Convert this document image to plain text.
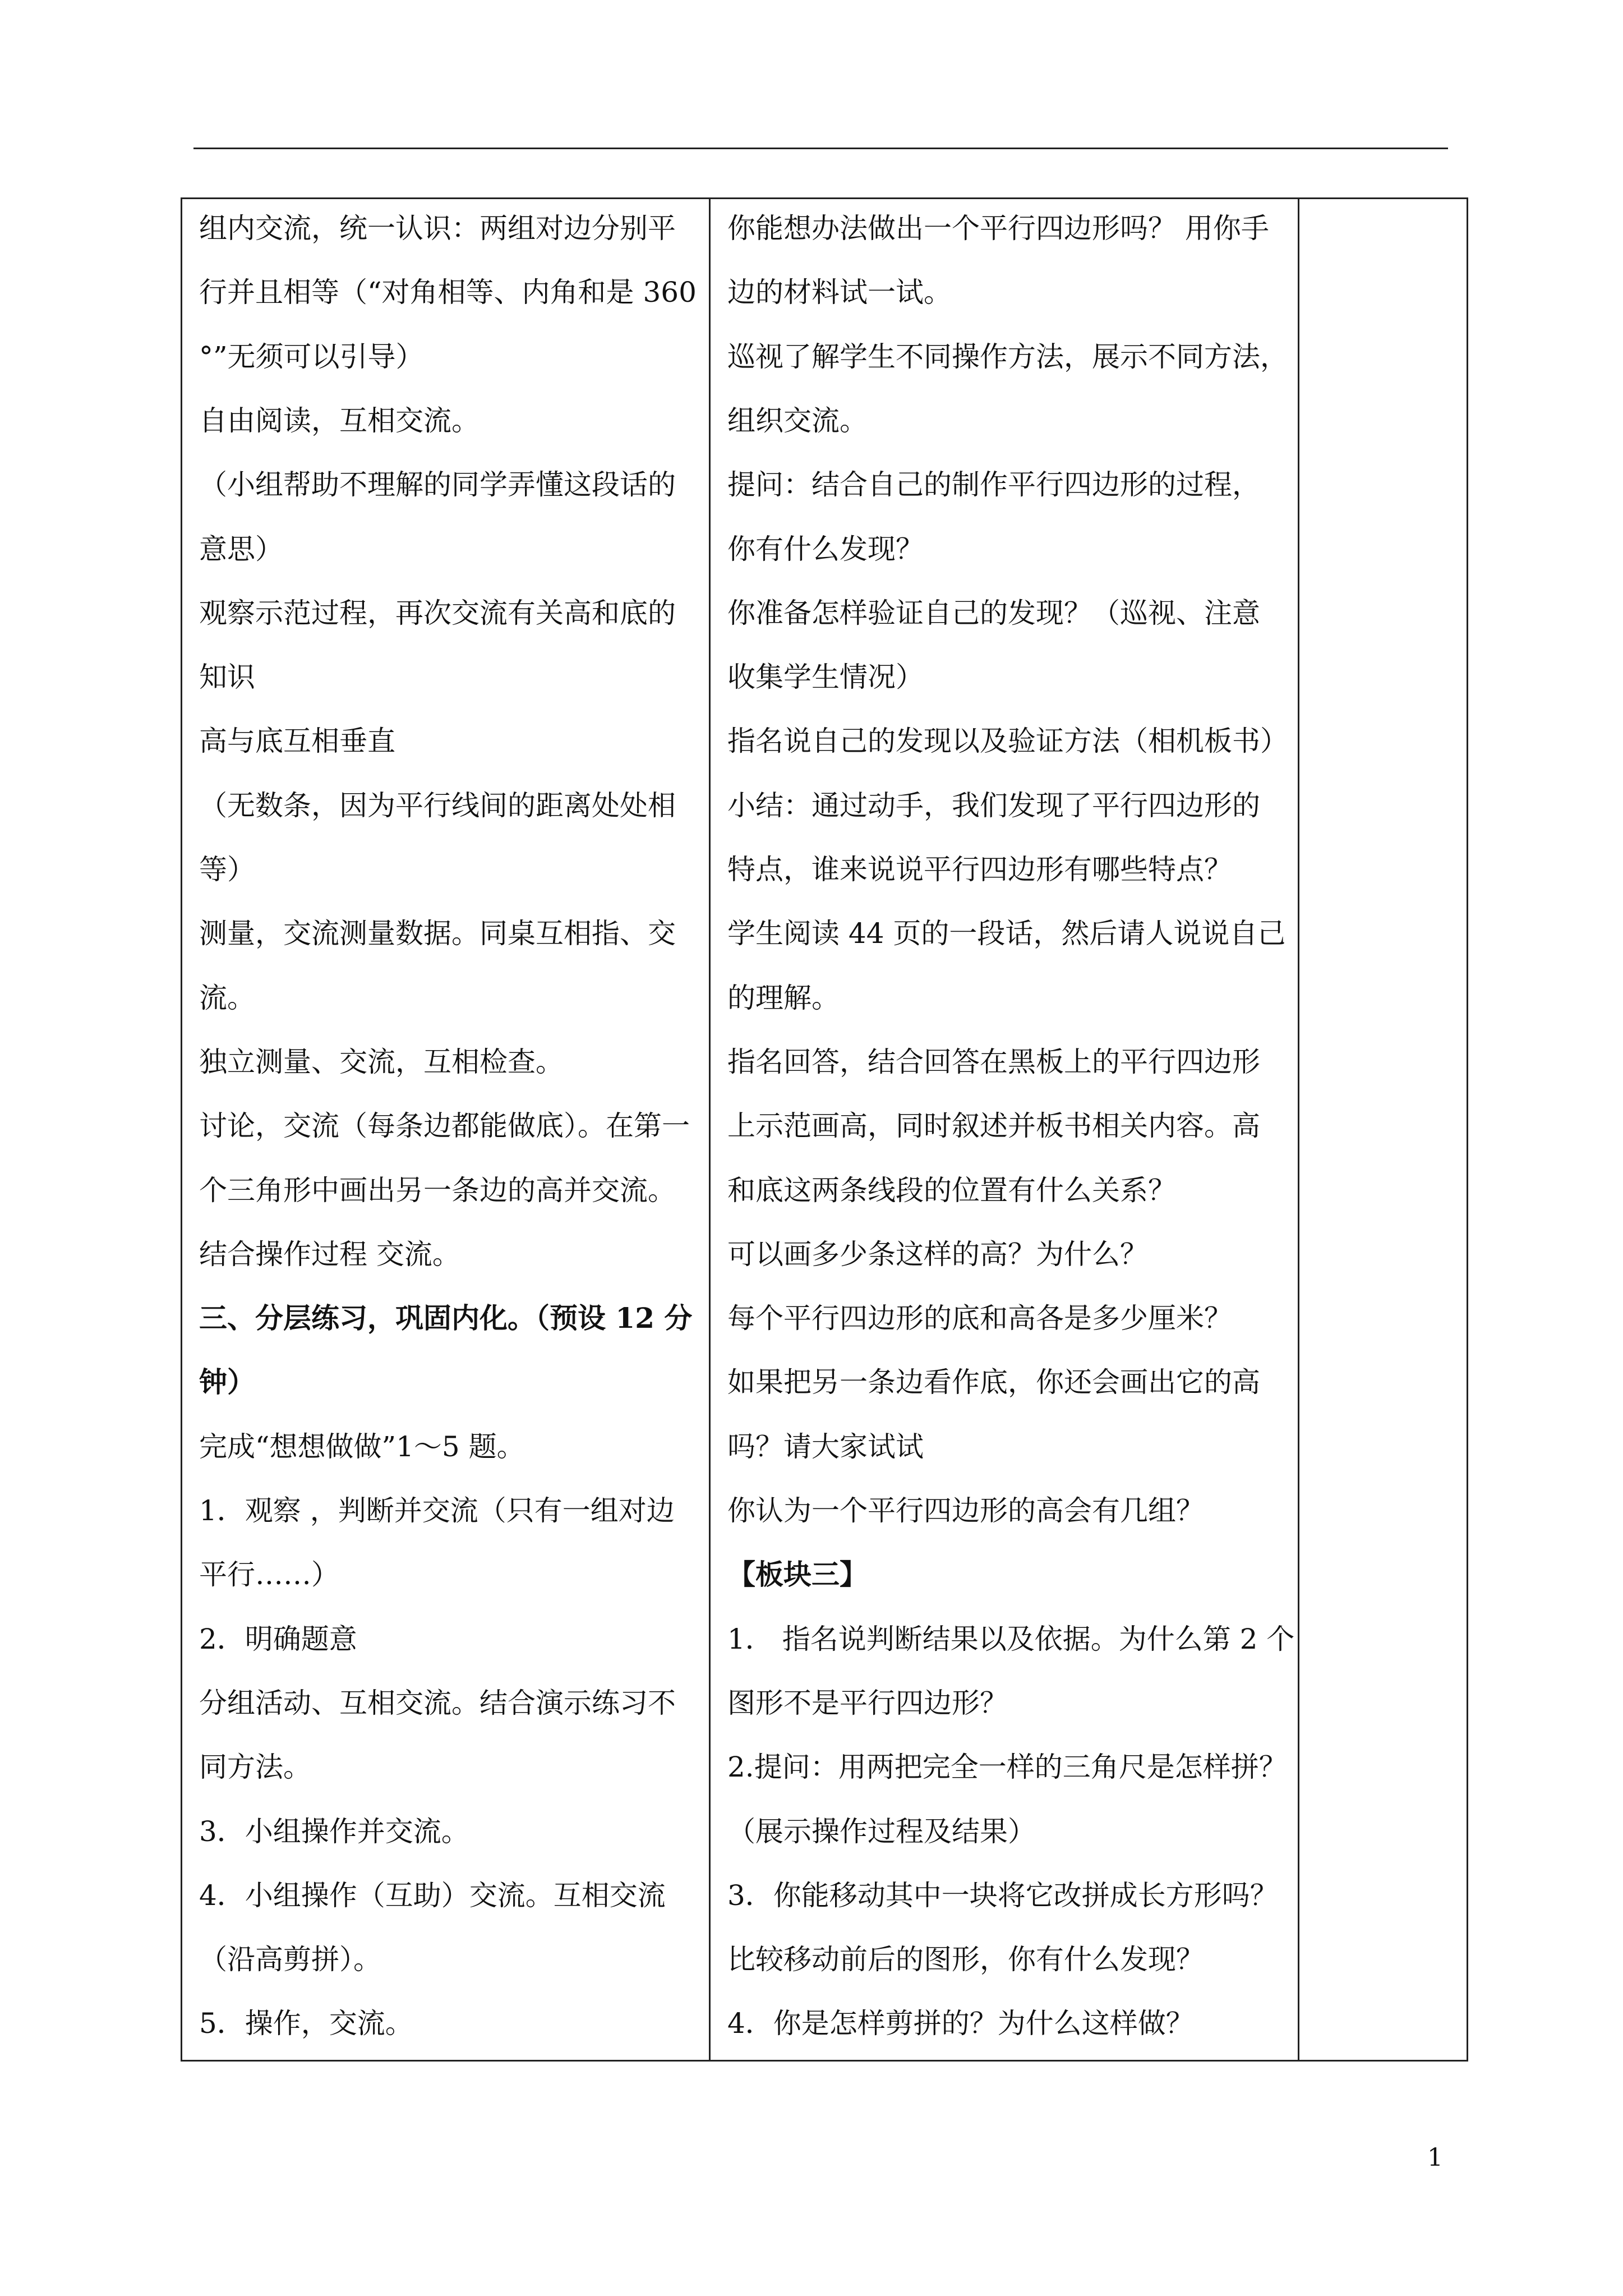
组内交流，统一认识：两组对边分别平
行并且相等（“对角相等、内角和是 360
°”无须可以引导）
自由阅读，互相交流。
（小组帮助不理解的同学弄懂这段话的
意思）
观察示范过程，再次交流有关高和底的
知识
高与底互相垂直
（无数条，因为平行线间的距离处处相
等）
测量，交流测量数据。同桌互相指、交
流。
独立测量、交流，互相检查。
讨论，交流（每条边都能做底）。在第一
个三角形中画出另一条边的高并交流。
结合操作过程 交流。
三、分层练习，巩固内化。（预设 12 分
钟）
完成“想想做做”1～5 题。
1．观察 ，判断并交流（只有一组对边
平行……）
2．明确题意
分组活动、互相交流。结合演示练习不
同方法。
3．小组操作并交流。
4．小组操作（互助）交流。互相交流
（沿高剪拼）。
5．操作，交流。
你能想办法做出一个平行四边形吗？ 用你手
边的材料试一试。
巡视了解学生不同操作方法，展示不同方法，
组织交流。
提问：结合自己的制作平行四边形的过程，
你有什么发现？
你准备怎样验证自己的发现？（巡视、注意
收集学生情况）
指名说自己的发现以及验证方法（相机板书）
小结：通过动手，我们发现了平行四边形的
特点，谁来说说平行四边形有哪些特点？
学生阅读 44 页的一段话，然后请人说说自己
的理解。
指名回答，结合回答在黑板上的平行四边形
上示范画高，同时叙述并板书相关内容。高
和底这两条线段的位置有什么关系？
可以画多少条这样的高？为什么？
每个平行四边形的底和高各是多少厘米？
如果把另一条边看作底，你还会画出它的高
吗？请大家试试
你认为一个平行四边形的高会有几组？
【板块三】
1． 指名说判断结果以及依据。为什么第 2 个
图形不是平行四边形？
2.提问：用两把完全一样的三角尺是怎样拼？
（展示操作过程及结果）
3．你能移动其中一块将它改拼成长方形吗？
比较移动前后的图形，你有什么发现？
4．你是怎样剪拼的？为什么这样做？
1
